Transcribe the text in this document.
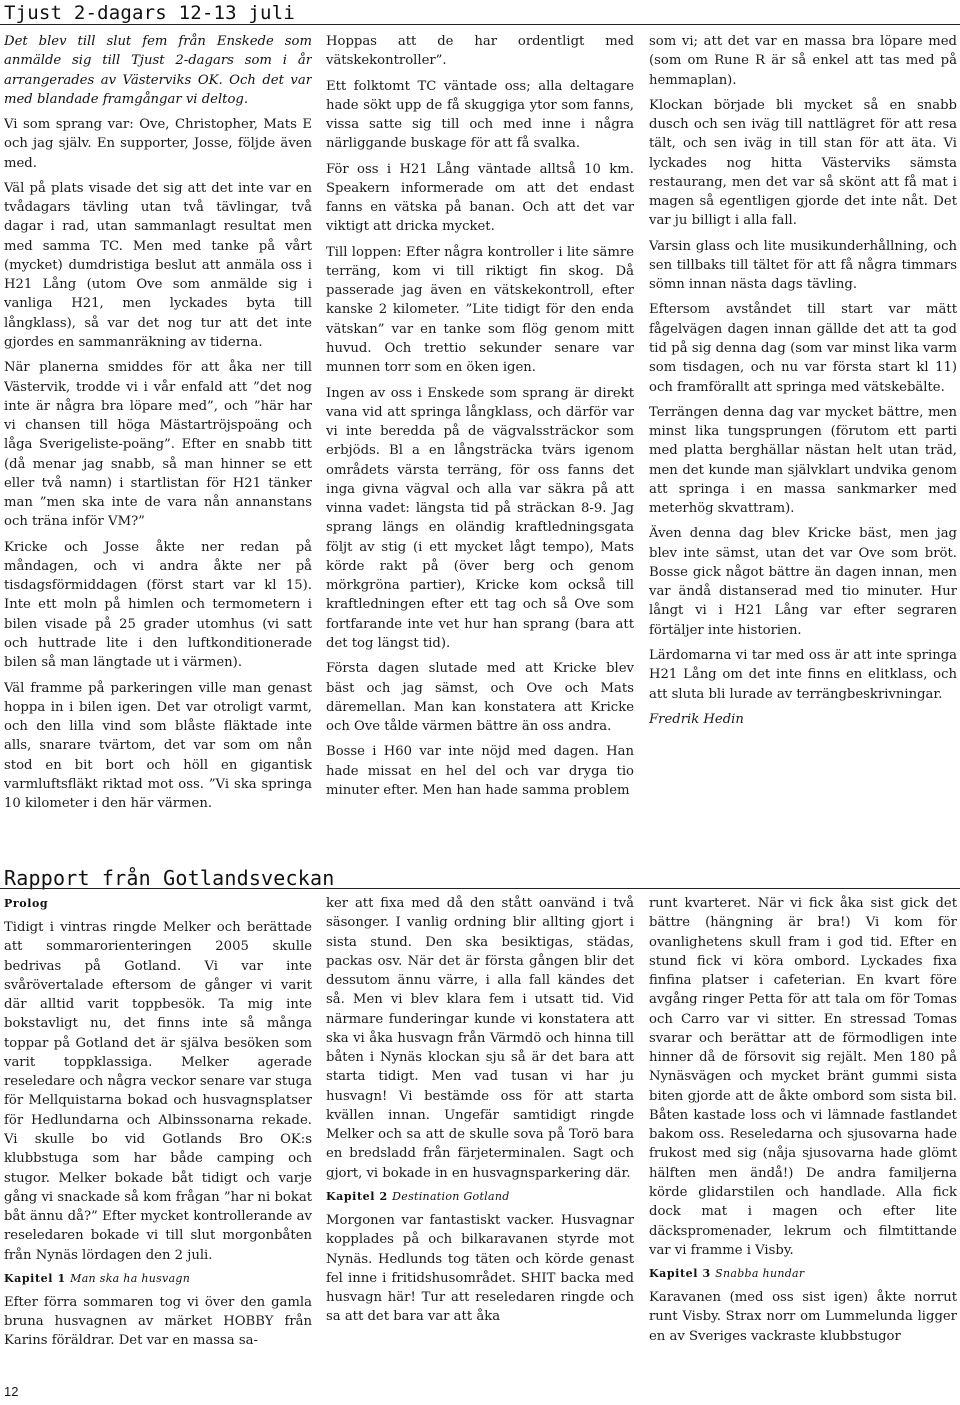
Tjust 2-dagars 12-13 juli

Det blev till slut fem från Enskede som anmälde sig till Tjust 2-dagars som i år arrangerades av Västerviks OK. Och det var med blandade framgångar vi deltog.

Vi som sprang var: Ove, Christopher, Mats E och jag själv. En supporter, Josse, följde även med.

Väl på plats visade det sig att det inte var en tvådagars tävling utan två tävlingar, två dagar i rad, utan sammanlagt resultat men med samma TC. Men med tanke på vårt (mycket) dumdristiga beslut att anmäla oss i H21 Lång (utom Ove som anmälde sig i vanliga H21, men lyckades byta till långklass), så var det nog tur att det inte gjordes en sammanräkning av tiderna.

När planerna smiddes för att åka ner till Västervik, trodde vi i vår enfald att ”det nog inte är några bra löpare med”, och ”här har vi chansen till höga Mästartröjspoäng och låga Sverigeliste-poäng”. Efter en snabb titt (då menar jag snabb, så man hinner se ett eller två namn) i startlistan för H21 tänker man ”men ska inte de vara nån annanstans och träna inför VM?”

Kricke och Josse åkte ner redan på måndagen, och vi andra åkte ner på tisdagsförmiddagen (först start var kl 15). Inte ett moln på himlen och termometern i bilen visade på 25 grader utomhus (vi satt och huttrade lite i den luftkonditionerade bilen så man längtade ut i värmen).

Väl framme på parkeringen ville man genast hoppa in i bilen igen. Det var otroligt varmt, och den lilla vind som blåste fläktade inte alls, snarare tvärtom, det var som om nån stod en bit bort och höll en gigantisk varmluftsfläkt riktad mot oss. ”Vi ska springa 10 kilometer i den här värmen.

Hoppas att de har ordentligt med vätskekontroller”.

Ett folktomt TC väntade oss; alla deltagare hade sökt upp de få skuggiga ytor som fanns, vissa satte sig till och med inne i några närliggande buskage för att få svalka.

För oss i H21 Lång väntade alltså 10 km. Speakern informerade om att det endast fanns en vätska på banan. Och att det var viktigt att dricka mycket.

Till loppen: Efter några kontroller i lite sämre terräng, kom vi till riktigt fin skog. Då passerade jag även en vätskekontroll, efter kanske 2 kilometer. ”Lite tidigt för den enda vätskan” var en tanke som flög genom mitt huvud. Och trettio sekunder senare var munnen torr som en öken igen.

Ingen av oss i Enskede som sprang är direkt vana vid att springa långklass, och därför var vi inte beredda på de vägvalssträckor som erbjöds. Bl a en långsträcka tvärs igenom områdets värsta terräng, för oss fanns det inga givna vägval och alla var säkra på att vinna vadet: längsta tid på sträckan 8-9. Jag sprang längs en oländig kraftledningsgata följt av stig (i ett mycket lågt tempo), Mats körde rakt på (över berg och genom mörkgröna partier), Kricke kom också till kraftledningen efter ett tag och så Ove som fortfarande inte vet hur han sprang (bara att det tog längst tid).

Första dagen slutade med att Kricke blev bäst och jag sämst, och Ove och Mats däremellan. Man kan konstatera att Kricke och Ove tålde värmen bättre än oss andra.

Bosse i H60 var inte nöjd med dagen. Han hade missat en hel del och var dryga tio minuter efter. Men han hade samma problem

som vi; att det var en massa bra löpare med (som om Rune R är så enkel att tas med på hemmaplan).

Klockan började bli mycket så en snabb dusch och sen iväg till nattlägret för att resa tält, och sen iväg in till stan för att äta. Vi lyckades nog hitta Västerviks sämsta restaurang, men det var så skönt att få mat i magen så egentligen gjorde det inte nåt. Det var ju billigt i alla fall.

Varsin glass och lite musikunderhållning, och sen tillbaks till tältet för att få några timmars sömn innan nästa dags tävling.

Eftersom avståndet till start var mätt fågelvägen dagen innan gällde det att ta god tid på sig denna dag (som var minst lika varm som tisdagen, och nu var första start kl 11) och framförallt att springa med vätskebälte.

Terrängen denna dag var mycket bättre, men minst lika tungsprungen (förutom ett parti med platta berghällar nästan helt utan träd, men det kunde man självklart undvika genom att springa i en massa sankmarker med meterhög skvattram).

Även denna dag blev Kricke bäst, men jag blev inte sämst, utan det var Ove som bröt. Bosse gick något bättre än dagen innan, men var ändå distanserad med tio minuter. Hur långt vi i H21 Lång var efter segraren förtäljer inte historien.

Lärdomarna vi tar med oss är att inte springa H21 Lång om det inte finns en elitklass, och att sluta bli lurade av terrängbeskrivningar.

Fredrik Hedin

Rapport från Gotlandsveckan
Prolog

Tidigt i vintras ringde Melker och berättade att sommarorienteringen 2005 skulle bedrivas på Gotland. Vi var inte svårövertalade eftersom de gånger vi varit där alltid varit toppbesök. Ta mig inte bokstavligt nu, det finns inte så många toppar på Gotland det är själva besöken som varit toppklassiga. Melker agerade reseledare och några veckor senare var stuga för Mellquistarna bokad och husvagnsplatser för Hedlundarna och Albinssonarna rekade. Vi skulle bo vid Gotlands Bro OK:s klubbstuga som har både camping och stugor. Melker bokade båt tidigt och varje gång vi snackade så kom frågan ”har ni bokat båt ännu då?” Efter mycket kontrollerande av reseledaren bokade vi till slut morgonbåten från Nynäs lördagen den 2 juli.

Kapitel 1 Man ska ha husvagn

Efter förra sommaren tog vi över den gamla bruna husvagnen av märket HOBBY från Karins föräldrar. Det var en massa sa-

ker att fixa med då den stått oanvänd i två säsonger. I vanlig ordning blir allting gjort i sista stund. Den ska besiktigas, städas, packas osv. När det är första gången blir det dessutom ännu värre, i alla fall kändes det så. Men vi blev klara fem i utsatt tid. Vid närmare funderingar kunde vi konstatera att ska vi åka husvagn från Värmdö och hinna till båten i Nynäs klockan sju så är det bara att starta tidigt. Men vad tusan vi har ju husvagn! Vi bestämde oss för att starta kvällen innan. Ungefär samtidigt ringde Melker och sa att de skulle sova på Torö bara en bredsladd från färjeterminalen. Sagt och gjort, vi bokade in en husvagnsparkering där.

Kapitel 2 Destination Gotland

Morgonen var fantastiskt vacker. Husvagnar kopplades på och bilkaravanen styrde mot Nynäs. Hedlunds tog täten och körde genast fel inne i fritidshusområdet. SHIT backa med husvagn här! Tur att reseledaren ringde och sa att det bara var att åka

runt kvarteret. När vi fick åka sist gick det bättre (hängning är bra!) Vi kom för ovanlighetens skull fram i god tid. Efter en stund fick vi köra ombord. Lyckades fixa finfina platser i cafeterian. En kvart före avgång ringer Petta för att tala om för Tomas och Carro var vi sitter. En stressad Tomas svarar och berättar att de förmodligen inte hinner då de försovit sig rejält. Men 180 på Nynäsvägen och mycket bränt gummi sista biten gjorde att de åkte ombord som sista bil. Båten kastade loss och vi lämnade fastlandet bakom oss. Reseledarna och sjusovarna hade frukost med sig (nåja sjusovarna hade glömt hälften men ändå!) De andra familjerna körde glidarstilen och handlade. Alla fick dock mat i magen och efter lite däckspromenader, lekrum och filmtittande var vi framme i Visby.

Kapitel 3 Snabba hundar

Karavanen (med oss sist igen) åkte norrut runt Visby. Strax norr om Lummelunda ligger en av Sveriges vackraste klubbstugor

12
